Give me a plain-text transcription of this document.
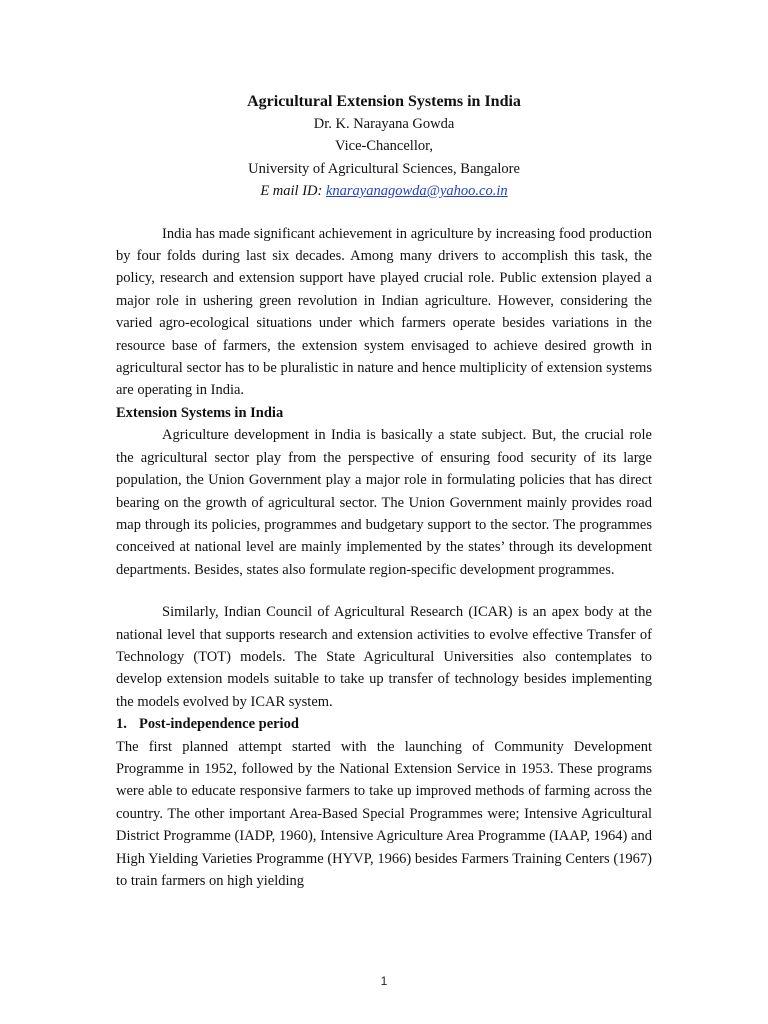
Agricultural Extension Systems in India
Dr. K. Narayana Gowda
Vice-Chancellor,
University of Agricultural Sciences, Bangalore
E mail ID: knarayanagowda@yahoo.co.in

India has made significant achievement in agriculture by increasing food production by four folds during last six decades. Among many drivers to accomplish this task, the policy, research and extension support have played crucial role. Public extension played a major role in ushering green revolution in Indian agriculture. However, considering the varied agro-ecological situations under which farmers operate besides variations in the resource base of farmers, the extension system envisaged to achieve desired growth in agricultural sector has to be pluralistic in nature and hence multiplicity of extension systems are operating in India.

Extension Systems in India

Agriculture development in India is basically a state subject. But, the crucial role the agricultural sector play from the perspective of ensuring food security of its large population, the Union Government play a major role in formulating policies that has direct bearing on the growth of agricultural sector. The Union Government mainly provides road map through its policies, programmes and budgetary support to the sector. The programmes conceived at national level are mainly implemented by the states’ through its development departments. Besides, states also formulate region-specific development programmes.

Similarly, Indian Council of Agricultural Research (ICAR) is an apex body at the national level that supports research and extension activities to evolve effective Transfer of Technology (TOT) models. The State Agricultural Universities also contemplates to develop extension models suitable to take up transfer of technology besides implementing the models evolved by ICAR system.

1. Post-independence period

The first planned attempt started with the launching of Community Development Programme in 1952, followed by the National Extension Service in 1953. These programs were able to educate responsive farmers to take up improved methods of farming across the country. The other important Area-Based Special Programmes were; Intensive Agricultural District Programme (IADP, 1960), Intensive Agriculture Area Programme (IAAP, 1964) and High Yielding Varieties Programme (HYVP, 1966) besides Farmers Training Centers (1967) to train farmers on high yielding

1
